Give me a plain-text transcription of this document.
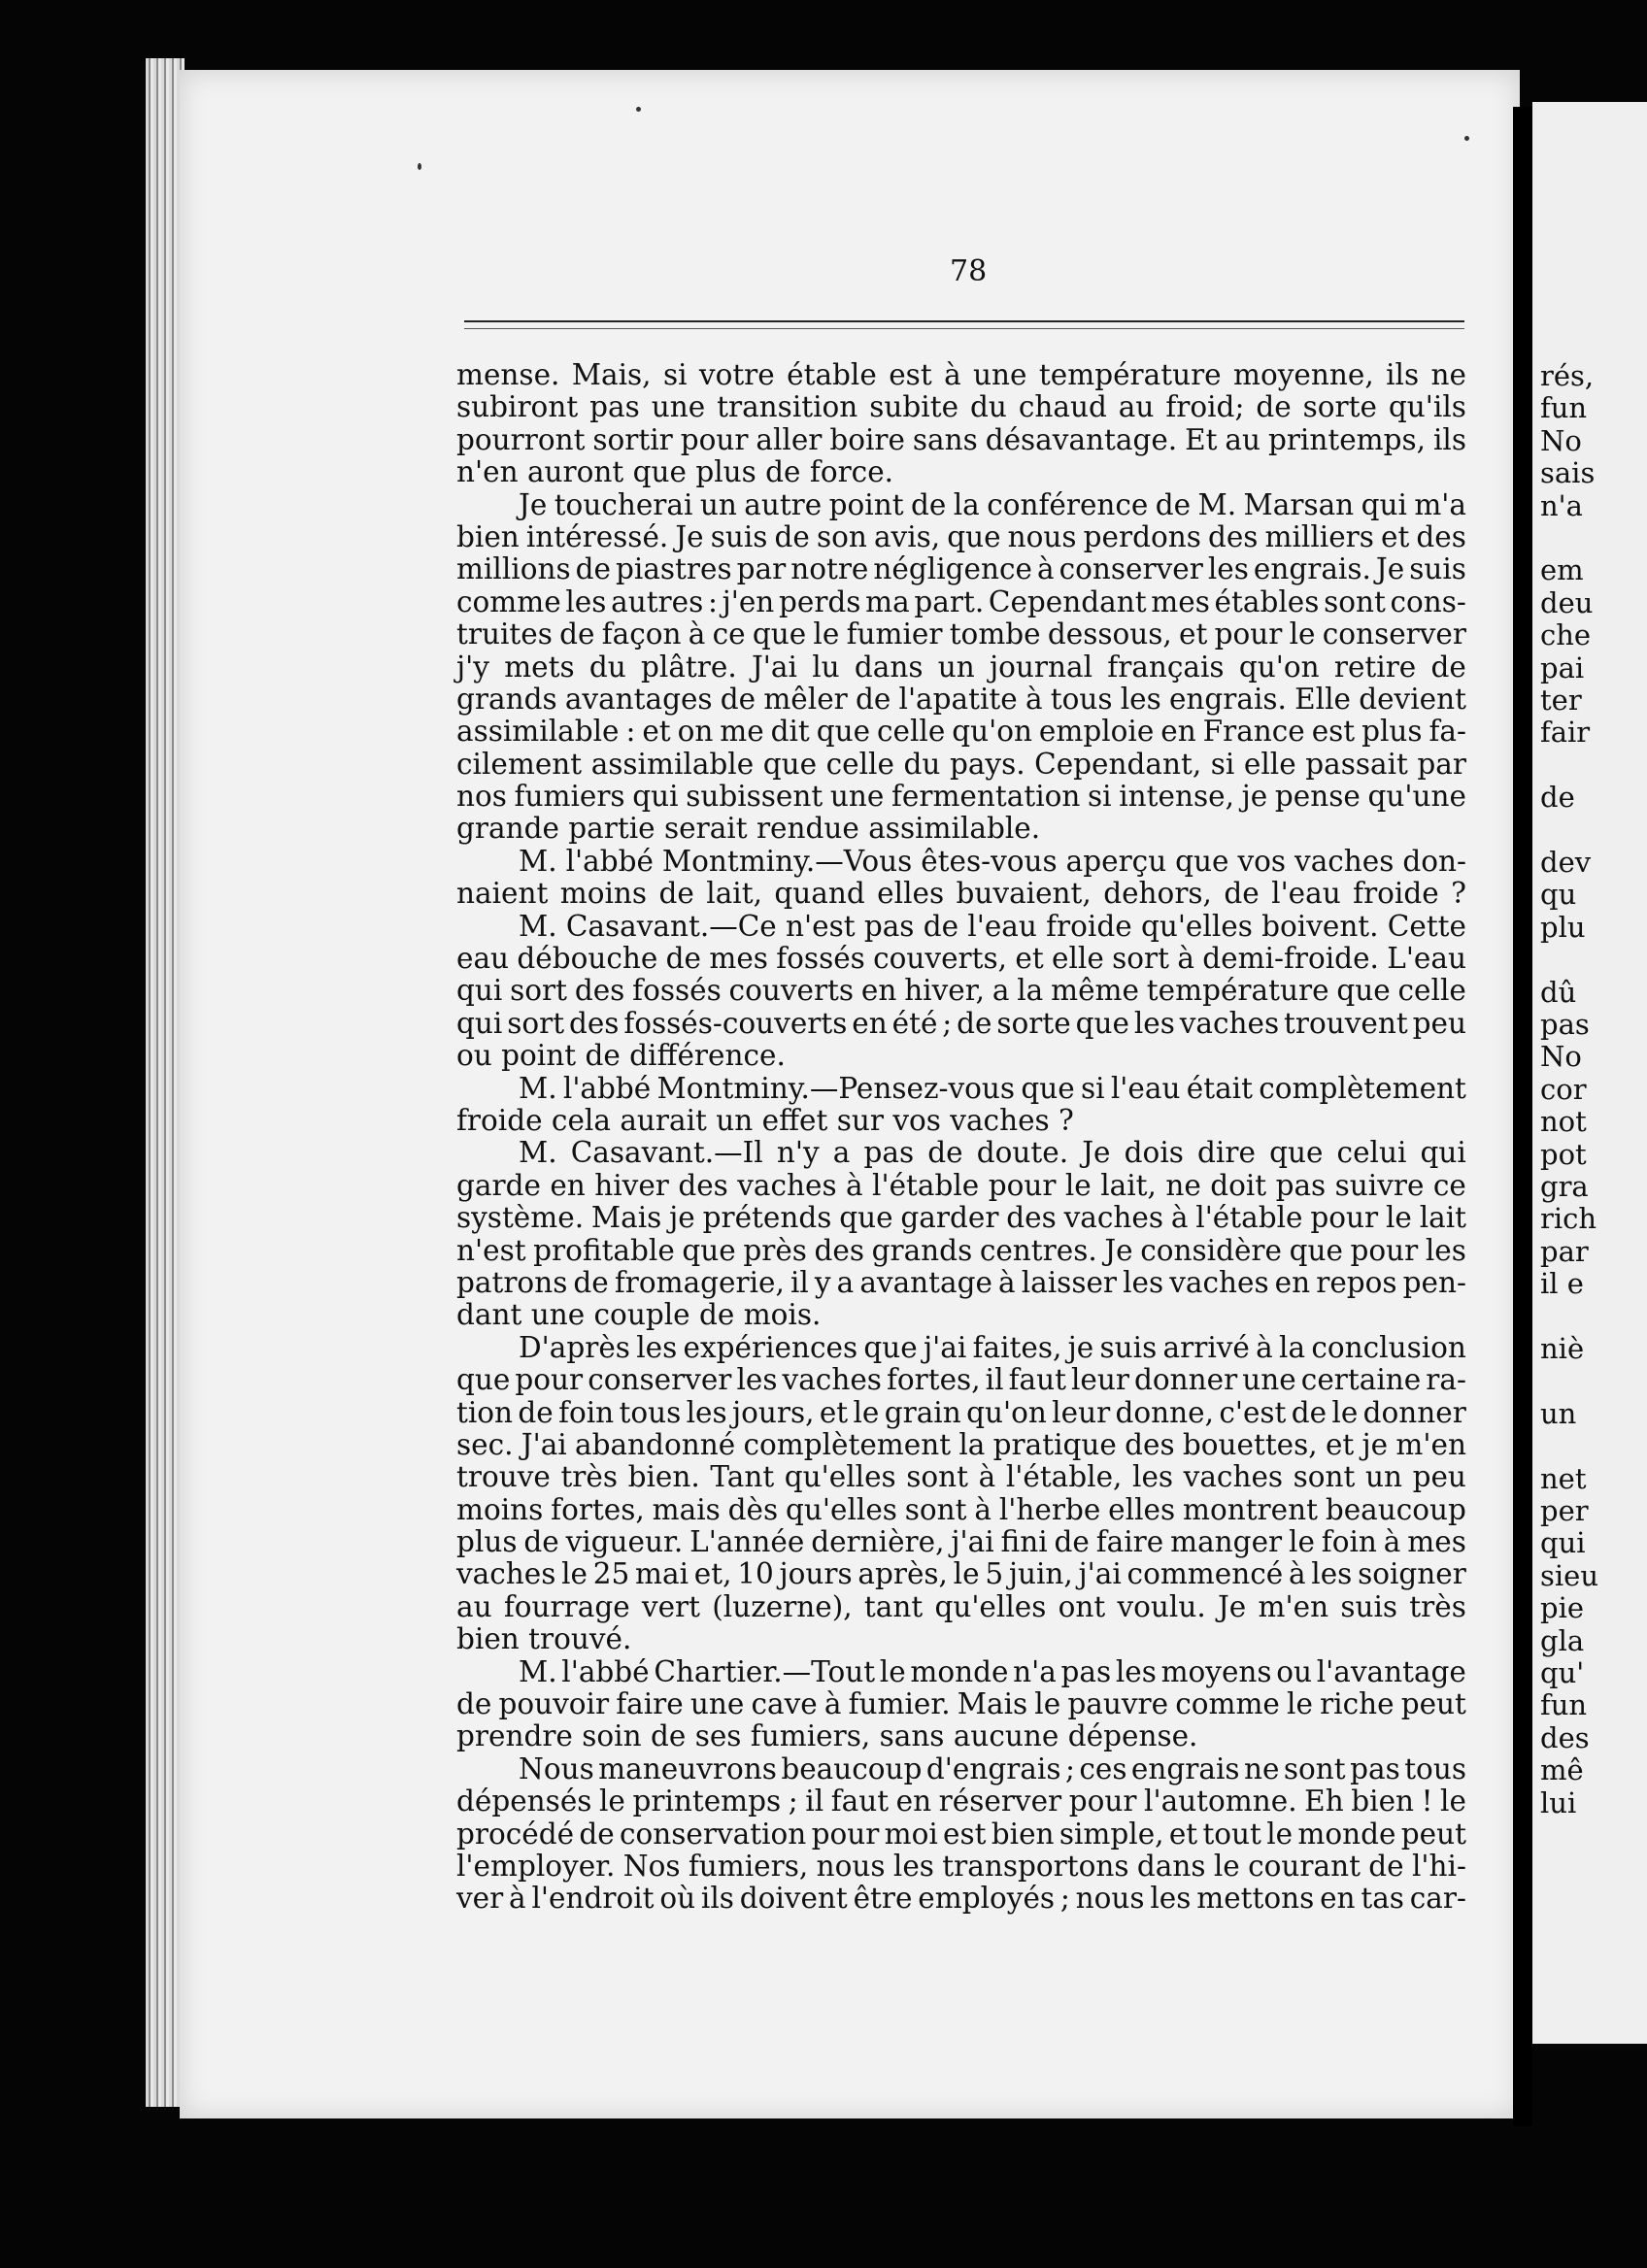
rés,
fun
No
sais
n'a
em
deu
che
pai
ter
fair
de
dev
qu
plu
dû
pas
No
cor
not
pot
gra
rich
par
il e
niè
un
net
per
qui
sieu
pie
gla
qu'
fun
des
mê
lui
78
mense. Mais, si votre étable est à une température moyenne, ils ne
subiront pas une transition subite du chaud au froid; de sorte qu'ils
pourront sortir pour aller boire sans désavantage. Et au printemps, ils
n'en auront que plus de force.
Je toucherai un autre point de la conférence de M. Marsan qui m'a
bien intéressé. Je suis de son avis, que nous perdons des milliers et des
millions de piastres par notre négligence à conserver les engrais. Je suis
comme les autres : j'en perds ma part. Cependant mes étables sont cons-
truites de façon à ce que le fumier tombe dessous, et pour le conserver
j'y mets du plâtre. J'ai lu dans un journal français qu'on retire de
grands avantages de mêler de l'apatite à tous les engrais. Elle devient
assimilable : et on me dit que celle qu'on emploie en France est plus fa-
cilement assimilable que celle du pays. Cependant, si elle passait par
nos fumiers qui subissent une fermentation si intense, je pense qu'une
grande partie serait rendue assimilable.
M. l'abbé Montminy.—Vous êtes-vous aperçu que vos vaches don-
naient moins de lait, quand elles buvaient, dehors, de l'eau froide ?
M. Casavant.—Ce n'est pas de l'eau froide qu'elles boivent. Cette
eau débouche de mes fossés couverts, et elle sort à demi-froide. L'eau
qui sort des fossés couverts en hiver, a la même température que celle
qui sort des fossés-couverts en été ; de sorte que les vaches trouvent peu
ou point de différence.
M. l'abbé Montminy.—Pensez-vous que si l'eau était complètement
froide cela aurait un effet sur vos vaches ?
M. Casavant.—Il n'y a pas de doute. Je dois dire que celui qui
garde en hiver des vaches à l'étable pour le lait, ne doit pas suivre ce
système. Mais je prétends que garder des vaches à l'étable pour le lait
n'est profitable que près des grands centres. Je considère que pour les
patrons de fromagerie, il y a avantage à laisser les vaches en repos pen-
dant une couple de mois.
D'après les expériences que j'ai faites, je suis arrivé à la conclusion
que pour conserver les vaches fortes, il faut leur donner une certaine ra-
tion de foin tous les jours, et le grain qu'on leur donne, c'est de le donner
sec. J'ai abandonné complètement la pratique des bouettes, et je m'en
trouve très bien. Tant qu'elles sont à l'étable, les vaches sont un peu
moins fortes, mais dès qu'elles sont à l'herbe elles montrent beaucoup
plus de vigueur. L'année dernière, j'ai fini de faire manger le foin à mes
vaches le 25 mai et, 10 jours après, le 5 juin, j'ai commencé à les soigner
au fourrage vert (luzerne), tant qu'elles ont voulu. Je m'en suis très
bien trouvé.
M. l'abbé Chartier.—Tout le monde n'a pas les moyens ou l'avantage
de pouvoir faire une cave à fumier. Mais le pauvre comme le riche peut
prendre soin de ses fumiers, sans aucune dépense.
Nous maneuvrons beaucoup d'engrais ; ces engrais ne sont pas tous
dépensés le printemps ; il faut en réserver pour l'automne. Eh bien ! le
procédé de conservation pour moi est bien simple, et tout le monde peut
l'employer. Nos fumiers, nous les transportons dans le courant de l'hi-
ver à l'endroit où ils doivent être employés ; nous les mettons en tas car-
